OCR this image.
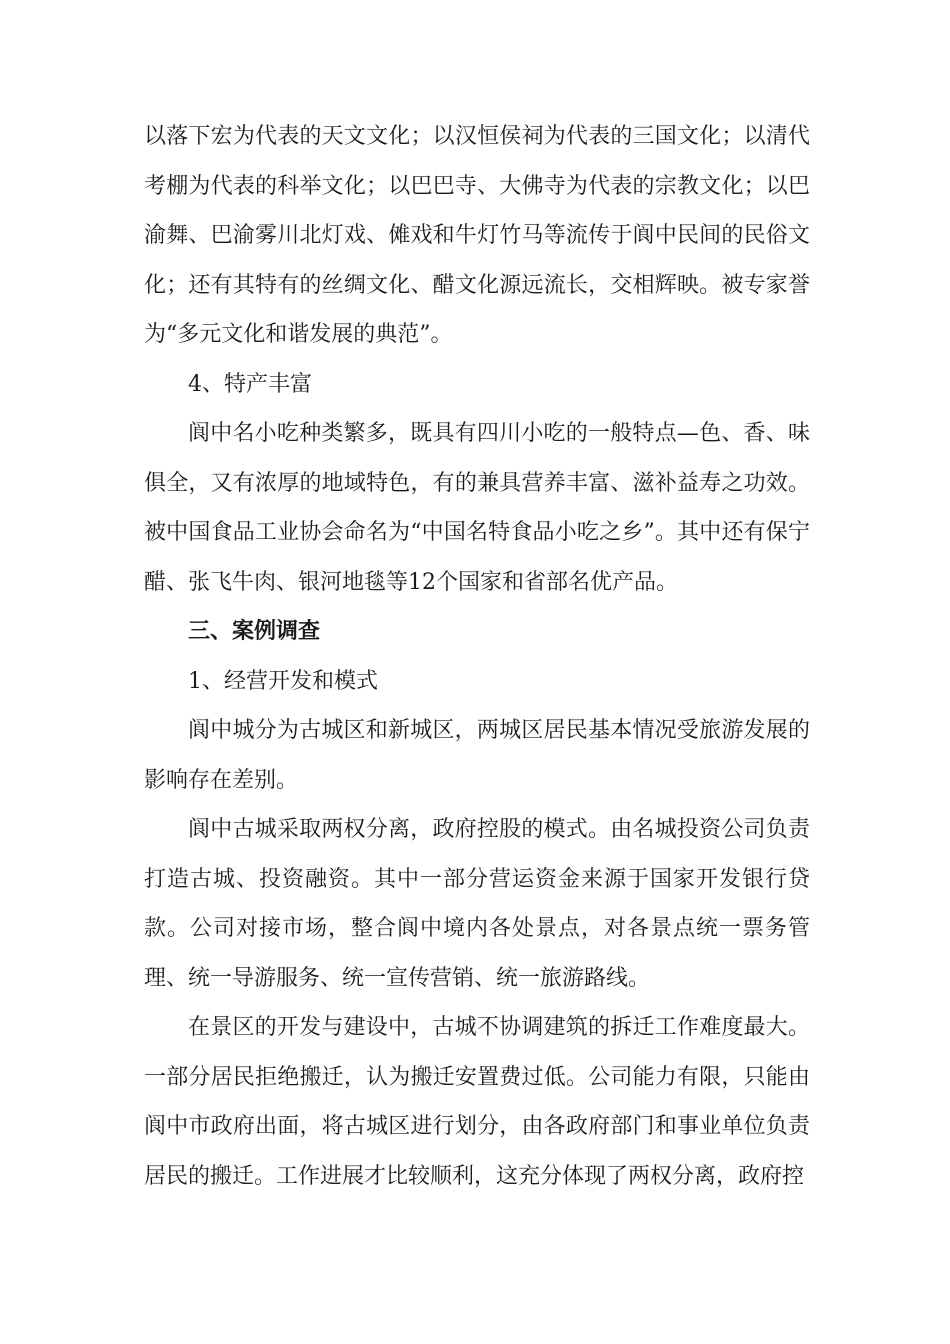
以落下宏为代表的天文文化；以汉恒侯祠为代表的三国文化；以清代考棚为代表的科举文化；以巴巴寺、大佛寺为代表的宗教文化；以巴渝舞、巴渝雾川北灯戏、傩戏和牛灯竹马等流传于阆中民间的民俗文化；还有其特有的丝绸文化、醋文化源远流长，交相辉映。被专家誉为“多元文化和谐发展的典范”。

4、特产丰富

阆中名小吃种类繁多，既具有四川小吃的一般特点—色、香、味俱全，又有浓厚的地域特色，有的兼具营养丰富、滋补益寿之功效。被中国食品工业协会命名为“中国名特食品小吃之乡”。其中还有保宁醋、张飞牛肉、银河地毯等12个国家和省部名优产品。

三、案例调查

1、经营开发和模式

阆中城分为古城区和新城区，两城区居民基本情况受旅游发展的影响存在差别。

阆中古城采取两权分离，政府控股的模式。由名城投资公司负责打造古城、投资融资。其中一部分营运资金来源于国家开发银行贷款。公司对接市场，整合阆中境内各处景点，对各景点统一票务管理、统一导游服务、统一宣传营销、统一旅游路线。

在景区的开发与建设中，古城不协调建筑的拆迁工作难度最大。一部分居民拒绝搬迁，认为搬迁安置费过低。公司能力有限，只能由阆中市政府出面，将古城区进行划分，由各政府部门和事业单位负责居民的搬迁。工作进展才比较顺利，这充分体现了两权分离，政府控
